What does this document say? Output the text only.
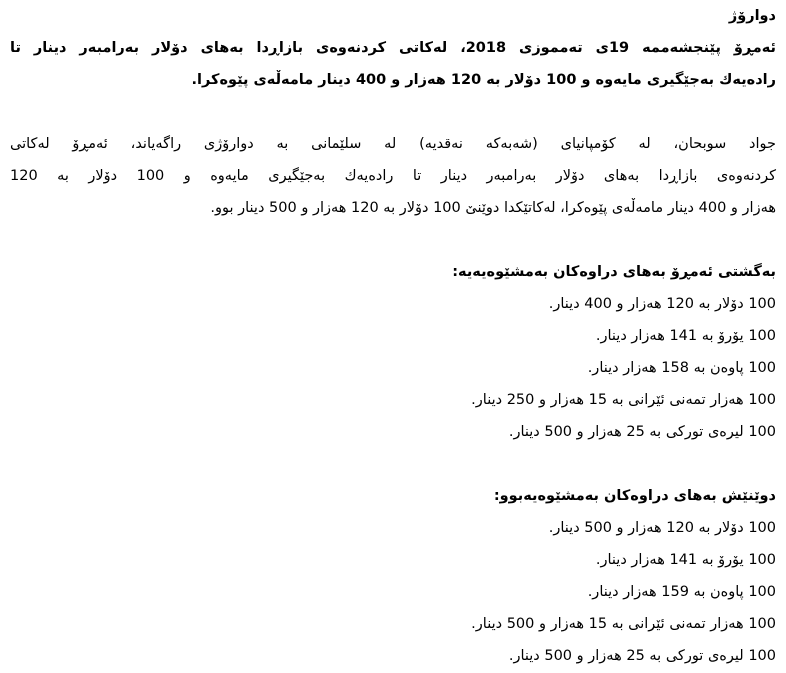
دوارۆژ
ئەمڕۆ پێنجشەممە 19ی تەمموزی 2018، لەکاتی کردنەوەی بازاڕدا بەهای دۆلار بەرامبەر دینار تا
رادەیەك بەجێگیری مایەوە و 100 دۆلار بە 120 هەزار و 400 دینار مامەڵەی پێوەکرا.
جواد سوبحان، لە کۆمپانیای (شەبەکە نەقدیە) لە سلێمانی بە دوارۆژی راگەیاند، ئەمڕۆ لەکاتی
کردنەوەی بازاڕدا بەهای دۆلار بەرامبەر دینار تا رادەیەك بەجێگیری مایەوە و 100 دۆلار بە 120
هەزار و 400 دینار مامەڵەی پێوەکرا، لەکاتێکدا دوێنێ 100 دۆلار بە 120 هەزار و 500 دینار بوو.
بەگشتی ئەمڕۆ بەهای دراوەکان بەمشێوەیەیە:
100 دۆلار بە 120 هەزار و 400 دینار.
100 یۆرۆ بە 141 هەزار دینار.
100 پاوەن بە 158 هەزار دینار.
100 هەزار تمەنی ئێرانی بە 15 هەزار و 250 دینار.
100 لیرەی تورکی بە 25 هەزار و 500 دینار.
دوێنێش بەهای دراوەکان بەمشێوەیەبوو:
100 دۆلار بە 120 هەزار و 500 دینار.
100 یۆرۆ بە 141 هەزار دینار.
100 پاوەن بە 159 هەزار دینار.
100 هەزار تمەنی ئێرانی بە 15 هەزار و 500 دینار.
100 لیرەی تورکی بە 25 هەزار و 500 دینار.
